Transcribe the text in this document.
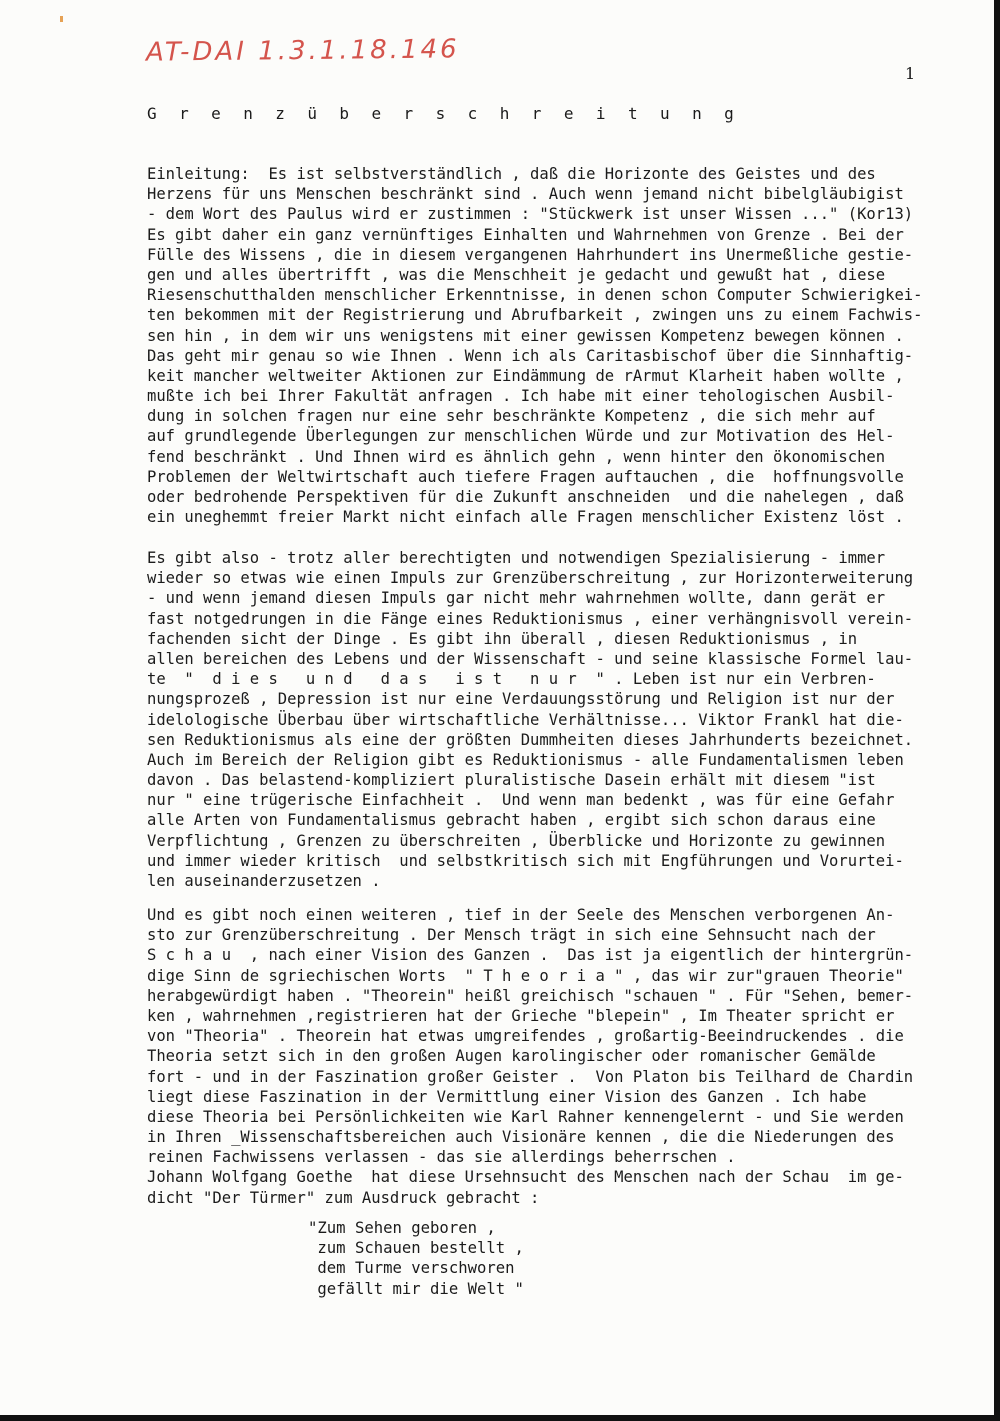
AT-DAI 1.3.1.18.146
1
G r e n z ü b e r s c h r e i t u n g
Einleitung:  Es ist selbstverständlich , daß die Horizonte des Geistes und des
Herzens für uns Menschen beschränkt sind . Auch wenn jemand nicht bibelgläubigist
- dem Wort des Paulus wird er zustimmen : "Stückwerk ist unser Wissen ..." (Kor13)
Es gibt daher ein ganz vernünftiges Einhalten und Wahrnehmen von Grenze . Bei der
Fülle des Wissens , die in diesem vergangenen Hahrhundert ins Unermeßliche gestie-
gen und alles übertrifft , was die Menschheit je gedacht und gewußt hat , diese
Riesenschutthalden menschlicher Erkenntnisse, in denen schon Computer Schwierigkei-
ten bekommen mit der Registrierung und Abrufbarkeit , zwingen uns zu einem Fachwis-
sen hin , in dem wir uns wenigstens mit einer gewissen Kompetenz bewegen können .
Das geht mir genau so wie Ihnen . Wenn ich als Caritasbischof über die Sinnhaftig-
keit mancher weltweiter Aktionen zur Eindämmung de rArmut Klarheit haben wollte ,
mußte ich bei Ihrer Fakultät anfragen . Ich habe mit einer tehologischen Ausbil-
dung in solchen fragen nur eine sehr beschränkte Kompetenz , die sich mehr auf
auf grundlegende Überlegungen zur menschlichen Würde und zur Motivation des Hel-
fend beschränkt . Und Ihnen wird es ähnlich gehn , wenn hinter den ökonomischen
Problemen der Weltwirtschaft auch tiefere Fragen auftauchen , die  hoffnungsvolle
oder bedrohende Perspektiven für die Zukunft anschneiden  und die nahelegen , daß
ein uneghemmt freier Markt nicht einfach alle Fragen menschlicher Existenz löst .
Es gibt also - trotz aller berechtigten und notwendigen Spezialisierung - immer
wieder so etwas wie einen Impuls zur Grenzüberschreitung , zur Horizonterweiterung
- und wenn jemand diesen Impuls gar nicht mehr wahrnehmen wollte, dann gerät er
fast notgedrungen in die Fänge eines Reduktionismus , einer verhängnisvoll verein-
fachenden sicht der Dinge . Es gibt ihn überall , diesen Reduktionismus , in
allen bereichen des Lebens und der Wissenschaft - und seine klassische Formel lau-
te  "  d i e s   u n d   d a s   i s t   n u r  " . Leben ist nur ein Verbren-
nungsprozeß , Depression ist nur eine Verdauungsstörung und Religion ist nur der
idelologische Überbau über wirtschaftliche Verhältnisse... Viktor Frankl hat die-
sen Reduktionismus als eine der größten Dummheiten dieses Jahrhunderts bezeichnet.
Auch im Bereich der Religion gibt es Reduktionismus - alle Fundamentalismen leben
davon . Das belastend-kompliziert pluralistische Dasein erhält mit diesem "ist
nur " eine trügerische Einfachheit .  Und wenn man bedenkt , was für eine Gefahr
alle Arten von Fundamentalismus gebracht haben , ergibt sich schon daraus eine
Verpflichtung , Grenzen zu überschreiten , Überblicke und Horizonte zu gewinnen
und immer wieder kritisch  und selbstkritisch sich mit Engführungen und Vorurtei-
len auseinanderzusetzen .
Und es gibt noch einen weiteren , tief in der Seele des Menschen verborgenen An-
sto zur Grenzüberschreitung . Der Mensch trägt in sich eine Sehnsucht nach der
S c h a u  , nach einer Vision des Ganzen .  Das ist ja eigentlich der hintergrün-
dige Sinn de sgriechischen Worts  " T h e o r i a " , das wir zur"grauen Theorie"
herabgewürdigt haben . "Theorein" heißl greichisch "schauen " . Für "Sehen, bemer-
ken , wahrnehmen ,registrieren hat der Grieche "blepein" , Im Theater spricht er
von "Theoria" . Theorein hat etwas umgreifendes , großartig-Beeindruckendes . die
Theoria setzt sich in den großen Augen karolingischer oder romanischer Gemälde
fort - und in der Faszination großer Geister .  Von Platon bis Teilhard de Chardin
liegt diese Faszination in der Vermittlung einer Vision des Ganzen . Ich habe
diese Theoria bei Persönlichkeiten wie Karl Rahner kennengelernt - und Sie werden
in Ihren _Wissenschaftsbereichen auch Visionäre kennen , die die Niederungen des
reinen Fachwissens verlassen - das sie allerdings beherrschen .
Johann Wolfgang Goethe  hat diese Ursehnsucht des Menschen nach der Schau  im ge-
dicht "Der Türmer" zum Ausdruck gebracht :
"Zum Sehen geboren ,
zum Schauen bestellt ,
dem Turme verschworen
gefällt mir die Welt "
